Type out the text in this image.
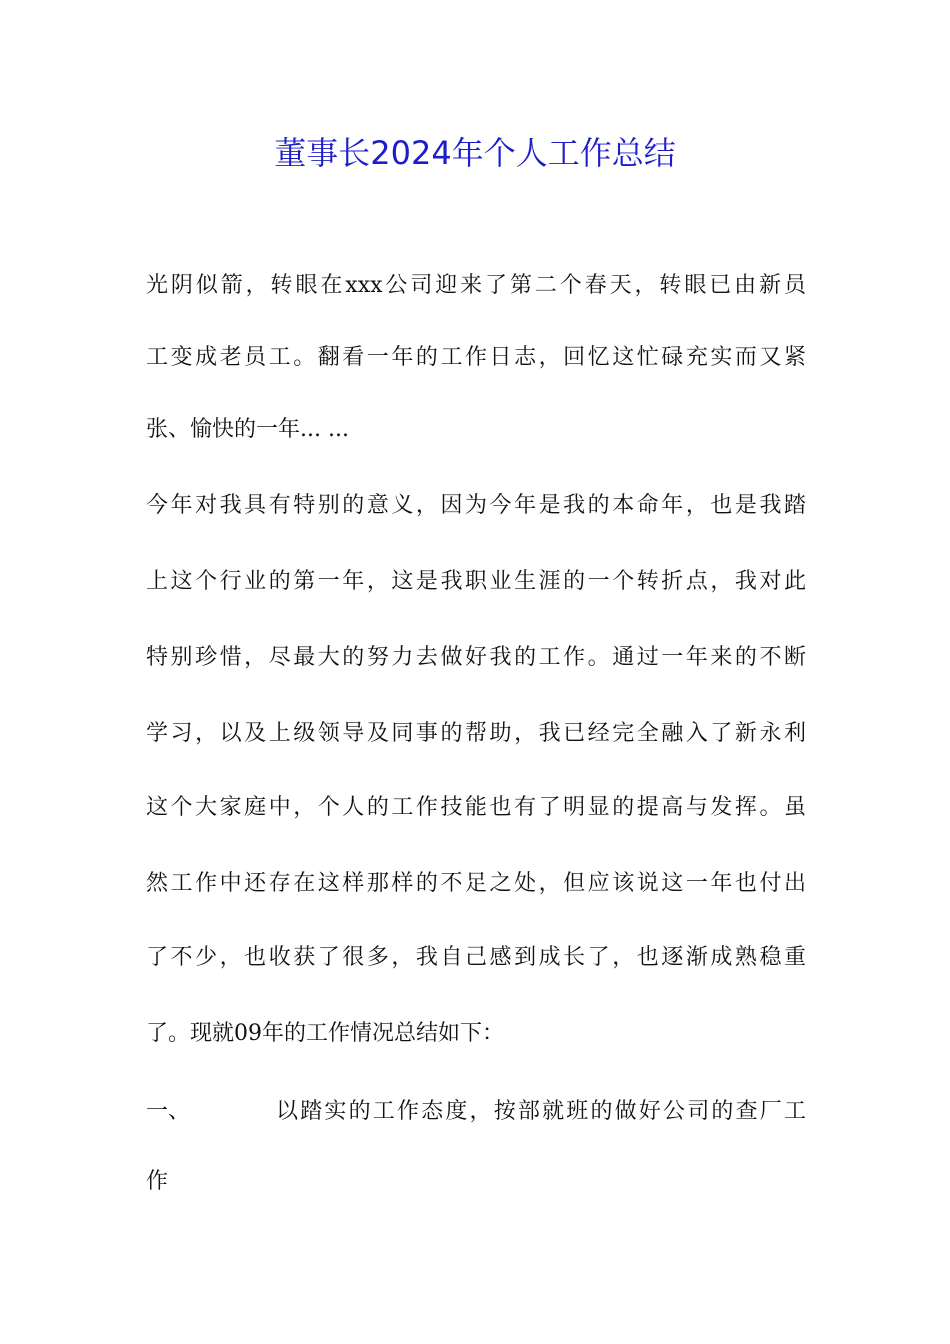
董事长2024年个人工作总结

光阴似箭，转眼在xxx公司迎来了第二个春天，转眼已由新员

工变成老员工。翻看一年的工作日志，回忆这忙碌充实而又紧

张、愉快的一年... ...

今年对我具有特别的意义，因为今年是我的本命年，也是我踏

上这个行业的第一年，这是我职业生涯的一个转折点，我对此

特别珍惜，尽最大的努力去做好我的工作。通过一年来的不断

学习，以及上级领导及同事的帮助，我已经完全融入了新永利

这个大家庭中，个人的工作技能也有了明显的提高与发挥。虽

然工作中还存在这样那样的不足之处，但应该说这一年也付出

了不少，也收获了很多，我自己感到成长了，也逐渐成熟稳重

了。现就09年的工作情况总结如下：

一、	以踏实的工作态度，按部就班的做好公司的查厂工

作
